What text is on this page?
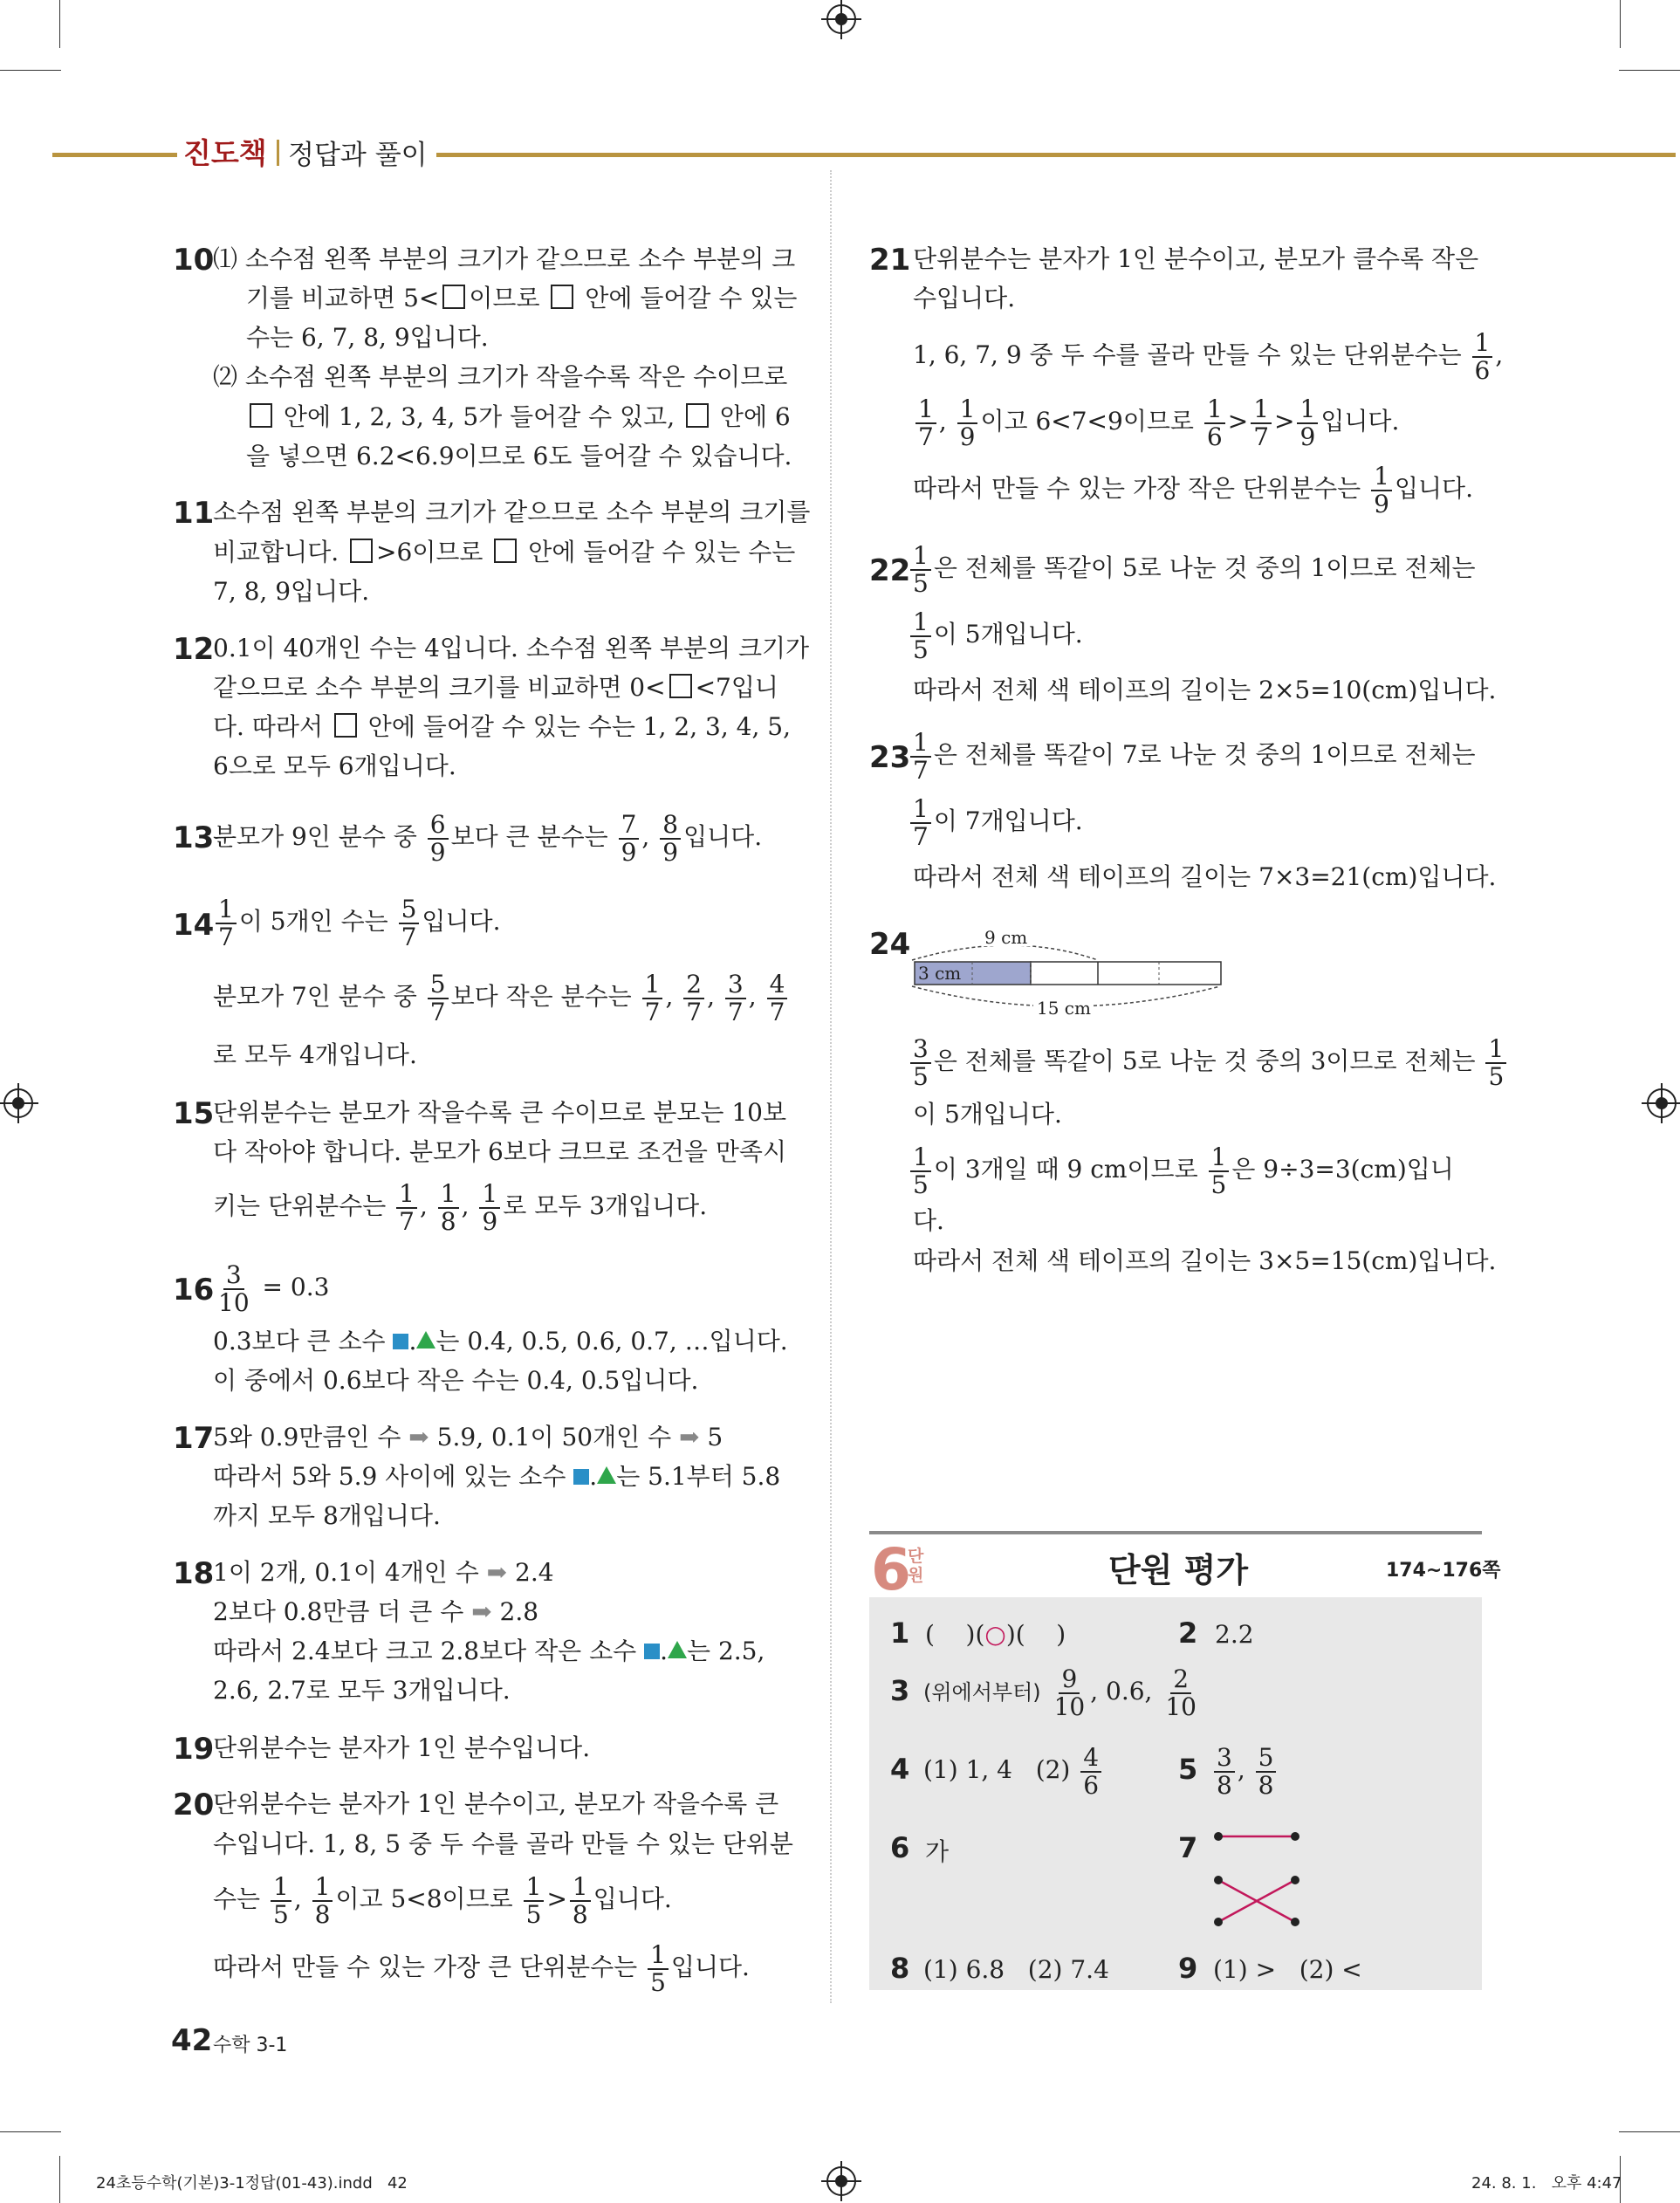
진도책 정답과 풀이
10
⑴ 소수점 왼쪽 부분의 크기가 같으므로 소수 부분의 크
기를 비교하면 5< 이므로  안에 들어갈 수 있는
수는 6, 7, 8, 9입니다.
⑵ 소수점 왼쪽 부분의 크기가 작을수록 작은 수이므로
안에 1, 2, 3, 4, 5가 들어갈 수 있고,  안에 6
을 넣으면 6.2<6.9이므로 6도 들어갈 수 있습니다.
11
소수점 왼쪽 부분의 크기가 같으므로 소수 부분의 크기를
비교합니다. >6이므로  안에 들어갈 수 있는 수는
7, 8, 9입니다.
12
0.1이 40개인 수는 4입니다. 소수점 왼쪽 부분의 크기가
같으므로 소수 부분의 크기를 비교하면 0< <7입니
다. 따라서  안에 들어갈 수 있는 수는 1, 2, 3, 4, 5,
6으로 모두 6개입니다.
13
분모가 9인 분수 중 $\frac{6}{9}$ 보다 큰 분수는 $\frac{7}{9}$ , $\frac{8}{9}$ 입니다.
$14 \frac{1}{7}$ 이 5개인 수는 $\frac{5}{7}$ 입니다.
분모가 7인 분수 중 $\frac{5}{7}$ 보다 작은 분수는 $\frac{1}{7}$ , $\frac{2}{7}$ , $\frac{3}{7}$ , $\frac{4}{7}$
로 모두 4개입니다.
15
단위분수는 분모가 작을수록 큰 수이므로 분모는 10보
다 작아야 합니다. 분모가 6보다 크므로 조건을 만족시
키는 단위분수는 $\frac{1}{7}$ , $\frac{1}{8}$ , $\frac{1}{9}$ 로 모두 3개입니다.
$16 \frac{3}{10} = 0.3$
0.3보다 큰 소수 . 는 0.4, 0.5, 0.6, 0.7, …입니다.
이 중에서 0.6보다 작은 수는 0.4, 0.5입니다.
17
5와 0.9만큼인 수 ➡ 5.9, 0.1이 50개인 수 ➡ 5
따라서 5와 5.9 사이에 있는 소수 . 는 5.1부터 5.8
까지 모두 8개입니다.
18
1이 2개, 0.1이 4개인 수 ➡ 2.4
2보다 0.8만큼 더 큰 수 ➡ 2.8
따라서 2.4보다 크고 2.8보다 작은 소수 . 는 2.5,
2.6, 2.7로 모두 3개입니다.
19
단위분수는 분자가 1인 분수입니다.
20
단위분수는 분자가 1인 분수이고, 분모가 작을수록 큰
수입니다. 1, 8, 5 중 두 수를 골라 만들 수 있는 단위분
수는 $\frac{1}{5}$ , $\frac{1}{8}$ 이고 5<8이므로 $\frac{1}{5} > \frac{1}{8}$ 입니다.
따라서 만들 수 있는 가장 큰 단위분수는 $\frac{1}{5}$ 입니다.
21 단위분수는 분자가 1인 분수이고, 분모가 클수록 작은
수입니다.
1, 6, 7, 9 중 두 수를 골라 만들 수 있는 단위분수는 $\frac{1}{6}$ ,
$\frac{1}{7}$ , $\frac{1}{9}$ 이고 6<7<9이므로 $\frac{1}{6} > \frac{1}{7} > \frac{1}{9}$ 입니다.
따라서 만들 수 있는 가장 작은 단위분수는 $\frac{1}{9}$ 입니다.
$22 \frac{1}{5}$ 은 전체를 똑같이 5로 나눈 것 중의 1이므로 전체는
$\frac{1}{5}$ 이 5개입니다.
따라서 전체 색 테이프의 길이는 2×5=10(cm)입니다.
$23 \frac{1}{7}$ 은 전체를 똑같이 7로 나눈 것 중의 1이므로 전체는
$\frac{1}{7}$ 이 7개입니다.
따라서 전체 색 테이프의 길이는 7×3=21(cm)입니다.
24	9 cm
3 cm
15 cm
$\frac{3}{5}$ 은 전체를 똑같이 5로 나눈 것 중의 3이므로 전체는 $\frac{1}{5}$
이 5개입니다.
$\frac{1}{5}$ 이 3개일 때 9 cm이므로 $\frac{1}{5}$ 은 9÷3=3(cm)입니
다.
따라서 전체 색 테이프의 길이는 3×5=15(cm)입니다.
6
단
원	단원 평가	174~176쪽
1 (    )(○)(    )	2 2.2
3 (위에서부터) $\frac{9}{10}$ , 0.6, $\frac{2}{10}$
4 (1) 1, 4   $(2) \frac{4}{6}$	$5 \frac{3}{8}$ , $\frac{5}{8}$
6 가	7
8 (1) 6.8   (2) 7.4 9 (1) >   (2) <
42 수학 3-1
24초등수학(기본)3-1정답(01-43).indd   42	24. 8. 1.   오후 4:47
